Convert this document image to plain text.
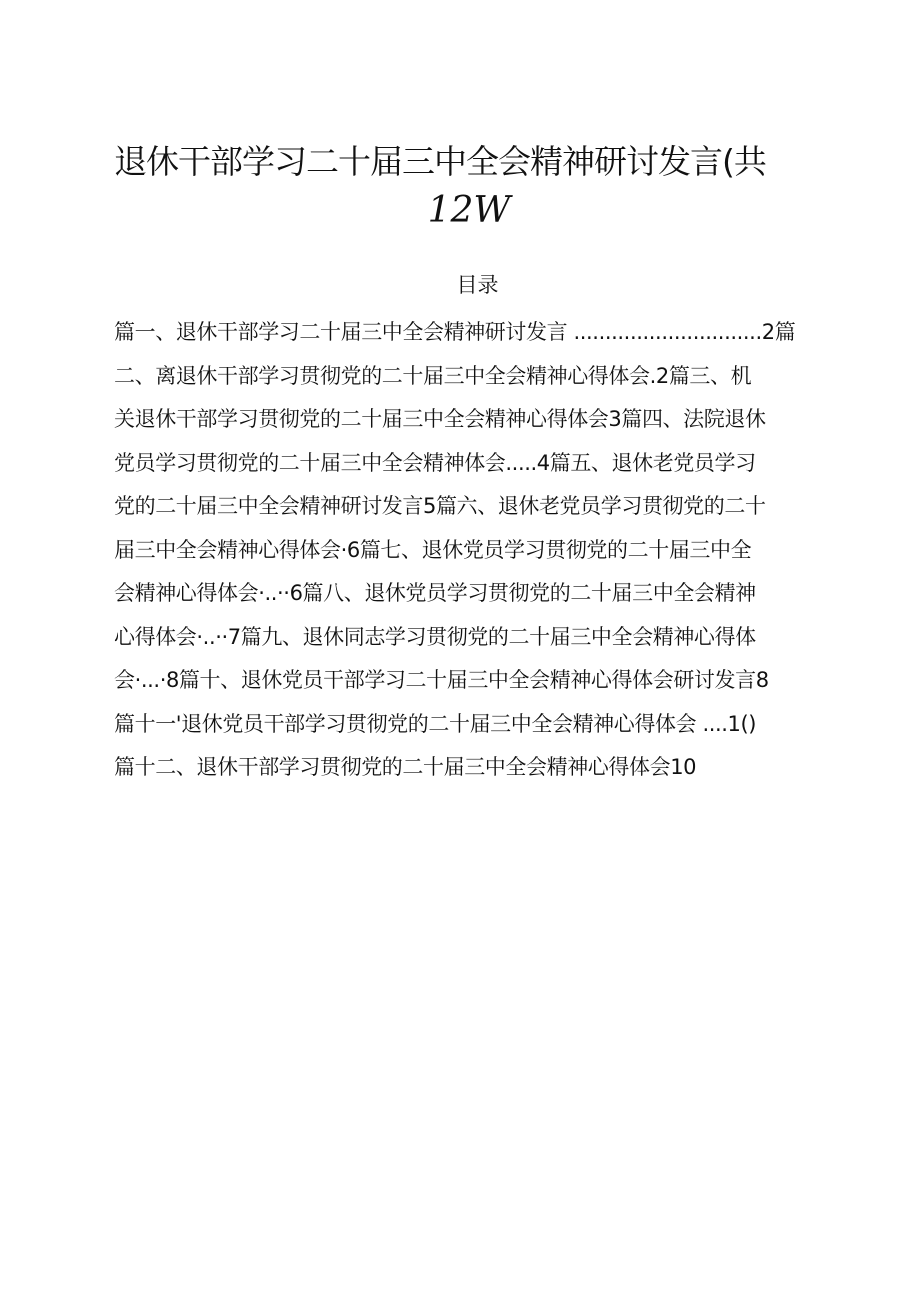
退休干部学习二十届三中全会精神研讨发言(共
12W
目录
篇一、退休干部学习二十届三中全会精神研讨发言 ..............................2篇
二、离退休干部学习贯彻党的二十届三中全会精神心得体会.2篇三、机
关退休干部学习贯彻党的二十届三中全会精神心得体会3篇四、法院退休
党员学习贯彻党的二十届三中全会精神体会.....4篇五、退休老党员学习
党的二十届三中全会精神研讨发言5篇六、退休老党员学习贯彻党的二十
届三中全会精神心得体会·6篇七、退休党员学习贯彻党的二十届三中全
会精神心得体会·..··6篇八、退休党员学习贯彻党的二十届三中全会精神
心得体会·..··7篇九、退休同志学习贯彻党的二十届三中全会精神心得体
会·...·8篇十、退休党员干部学习二十届三中全会精神心得体会研讨发言8
篇十一'退休党员干部学习贯彻党的二十届三中全会精神心得体会 ....1()
篇十二、退休干部学习贯彻党的二十届三中全会精神心得体会10
